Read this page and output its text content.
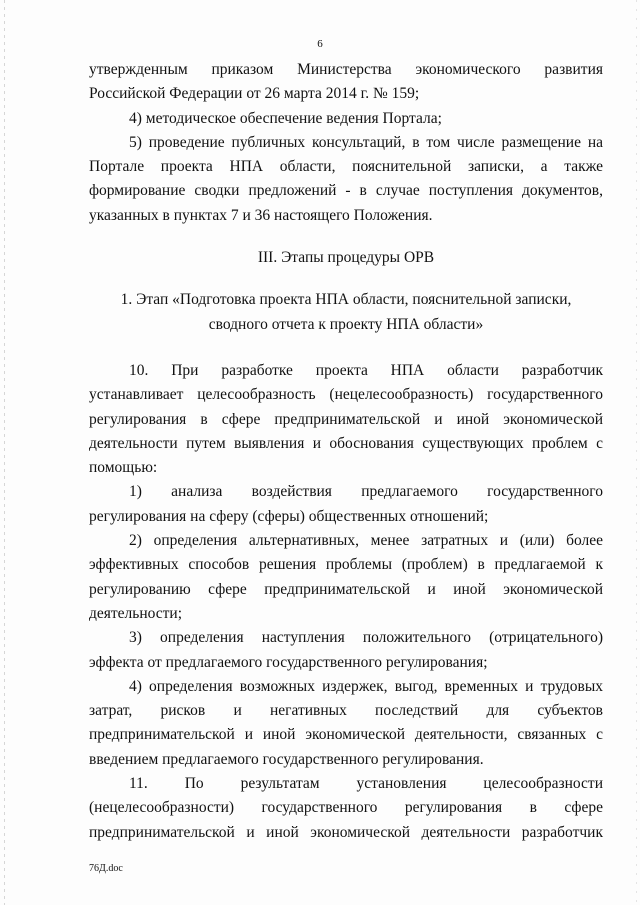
6

утвержденным приказом Министерства экономического развития

Российской Федерации от 26 марта 2014 г. № 159;

4) методическое обеспечение ведения Портала;

5) проведение публичных консультаций, в том числе размещение на

Портале проекта НПА области, пояснительной записки, а также

формирование сводки предложений - в случае поступления документов,

указанных в пунктах 7 и 36 настоящего Положения.

III. Этапы процедуры ОРВ

1. Этап «Подготовка проекта НПА области, пояснительной записки,

сводного отчета к проекту НПА области»

10. При разработке проекта НПА области разработчик

устанавливает целесообразность (нецелесообразность) государственного

регулирования в сфере предпринимательской и иной экономической

деятельности путем выявления и обоснования существующих проблем с

помощью:

1) анализа воздействия предлагаемого государственного

регулирования на сферу (сферы) общественных отношений;

2) определения альтернативных, менее затратных и (или) более

эффективных способов решения проблемы (проблем) в предлагаемой к

регулированию сфере предпринимательской и иной экономической

деятельности;

3) определения наступления положительного (отрицательного)

эффекта от предлагаемого государственного регулирования;

4) определения возможных издержек, выгод, временных и трудовых

затрат, рисков и негативных последствий для субъектов

предпринимательской и иной экономической деятельности, связанных с

введением предлагаемого государственного регулирования.

11. По результатам установления целесообразности

(нецелесообразности) государственного регулирования в сфере

предпринимательской и иной экономической деятельности разработчик

76Д.doc
